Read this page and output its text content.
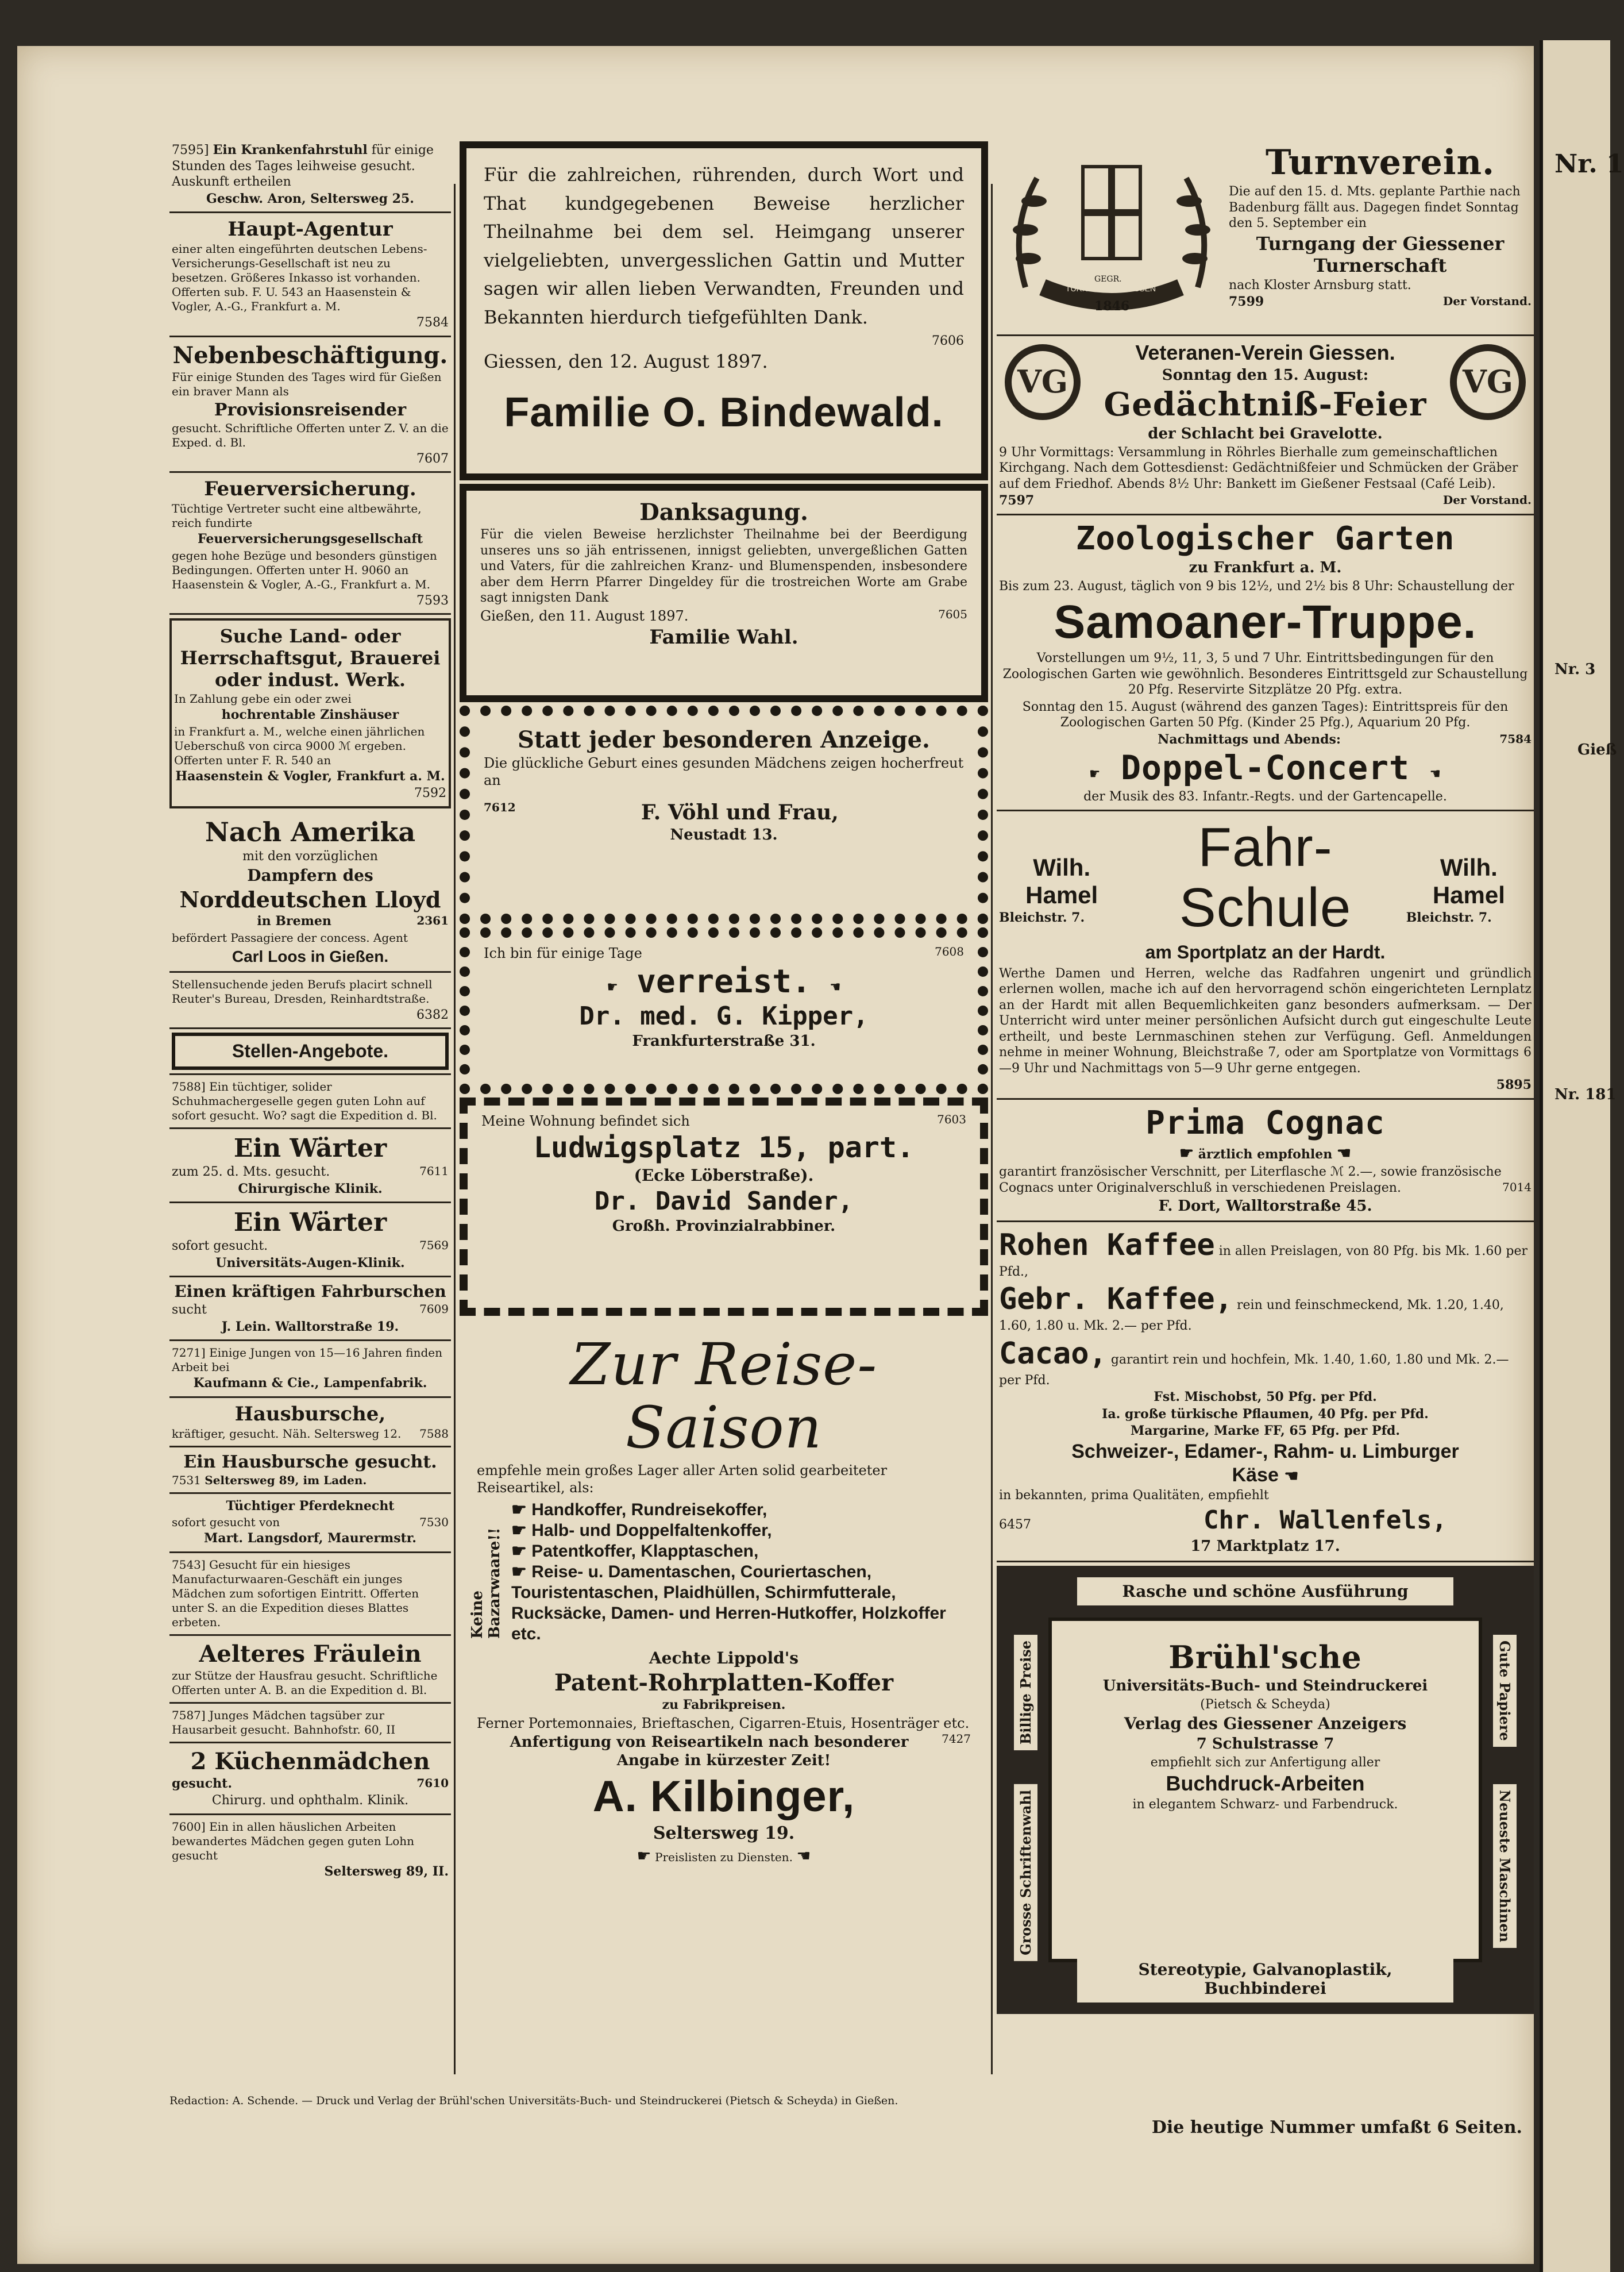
7595] Ein Krankenfahrstuhl für einige Stunden des Tages leihweise gesucht. Auskunft ertheilen

Geschw. Aron, Seltersweg 25.

Haupt-Agentur

einer alten eingeführten deutschen Lebens-Versicherungs-Gesellschaft ist neu zu besetzen. Größeres Inkasso ist vorhanden. Offerten sub. F. U. 543 an Haasenstein & Vogler, A.-G., Frankfurt a. M.

7584

Nebenbeschäftigung.

Für einige Stunden des Tages wird für Gießen ein braver Mann als

Provisionsreisender

gesucht. Schriftliche Offerten unter Z. V. an die Exped. d. Bl.

7607

Feuerversicherung.

Tüchtige Vertreter sucht eine altbewährte, reich fundirte

Feuerversicherungsgesellschaft

gegen hohe Bezüge und besonders günstigen Bedingungen. Offerten unter H. 9060 an Haasenstein & Vogler, A.-G., Frankfurt a. M.

7593

Suche Land- oder Herrschaftsgut, Brauerei oder indust. Werk.

In Zahlung gebe ein oder zwei

hochrentable Zinshäuser

in Frankfurt a. M., welche einen jährlichen Ueberschuß von circa 9000 ℳ ergeben. Offerten unter F. R. 540 an

Haasenstein & Vogler, Frankfurt a. M.

7592

Nach Amerika

mit den vorzüglichen

Dampfern des

Norddeutschen Lloyd

in Bremen	2361

befördert Passagiere der concess. Agent

Carl Loos in Gießen.

Stellensuchende jeden Berufs placirt schnell Reuter's Bureau, Dresden, Reinhardtstraße.

6382

Stellen-Angebote.

7588] Ein tüchtiger, solider Schuhmachergeselle gegen guten Lohn auf sofort gesucht. Wo? sagt die Expedition d. Bl.

Ein Wärter

zum 25. d. Mts. gesucht.	7611

Chirurgische Klinik.

Ein Wärter

sofort gesucht.	7569

Universitäts-Augen-Klinik.

Einen kräftigen Fahrburschen

sucht	7609

J. Lein. Walltorstraße 19.

7271] Einige Jungen von 15—16 Jahren finden Arbeit bei

Kaufmann & Cie., Lampenfabrik.

Hausbursche,

kräftiger, gesucht. Näh. Seltersweg 12. 7588

Ein Hausbursche gesucht.

7531 Seltersweg 89, im Laden.

Tüchtiger Pferdeknecht

sofort gesucht von	7530

Mart. Langsdorf, Maurermstr.

7543] Gesucht für ein hiesiges Manufacturwaaren-Geschäft ein junges Mädchen zum sofortigen Eintritt. Offerten unter S. an die Expedition dieses Blattes erbeten.

Aelteres Fräulein

zur Stütze der Hausfrau gesucht. Schriftliche Offerten unter A. B. an die Expedition d. Bl.

7587] Junges Mädchen tagsüber zur Hausarbeit gesucht. Bahnhofstr. 60, II

2 Küchenmädchen

gesucht.	7610

Chirurg. und ophthalm. Klinik.

7600] Ein in allen häuslichen Arbeiten bewandertes Mädchen gegen guten Lohn gesucht

Seltersweg 89, II.

Für die zahlreichen, rührenden, durch Wort und That kundgegebenen Beweise herzlicher Theilnahme bei dem sel. Heimgang unserer vielgeliebten, unvergesslichen Gattin und Mutter sagen wir allen lieben Verwandten, Freunden und Bekannten hierdurch tiefgefühlten Dank.

7606

Giessen, den 12. August 1897.

Familie O. Bindewald.

Danksagung.

Für die vielen Beweise herzlichster Theilnahme bei der Beerdigung unseres uns so jäh entrissenen, innigst geliebten, unvergeßlichen Gatten und Vaters, für die zahlreichen Kranz- und Blumenspenden, insbesondere aber dem Herrn Pfarrer Dingeldey für die trostreichen Worte am Grabe sagt innigsten Dank

Gießen, den 11. August 1897.	7605

Familie Wahl.

Statt jeder besonderen Anzeige.

Die glückliche Geburt eines gesunden Mädchens zeigen hocherfreut an

7612	F. Vöhl und Frau,

Neustadt 13.

Ich bin für einige Tage	7608

☛ verreist. ☚

Dr. med. G. Kipper,

Frankfurterstraße 31.

Meine Wohnung befindet sich	7603

Ludwigsplatz 15, part.

(Ecke Löberstraße).

Dr. David Sander,

Großh. Provinzialrabbiner.

Zur Reise-Saison

empfehle mein großes Lager aller Arten solid gearbeiteter Reiseartikel, als:

Keine Bazarwaare!!
☛ Handkoffer, Rundreisekoffer,
☛ Halb- und Doppelfaltenkoffer,
☛ Patentkoffer, Klapptaschen,
☛ Reise- u. Damentaschen, Couriertaschen, Touristentaschen, Plaidhüllen, Schirmfutterale, Rucksäcke, Damen- und Herren-Hutkoffer, Holzkoffer etc.

Aechte Lippold's

Patent-Rohrplatten-Koffer

zu Fabrikpreisen.

Ferner Portemonnaies, Brieftaschen, Cigarren-Etuis, Hosenträger etc.
7427

Anfertigung von Reiseartikeln nach besonderer Angabe in kürzester Zeit!

A. Kilbinger,

Seltersweg 19.

☛ Preislisten zu Diensten. ☚

TURNVEREIN GIESSEN
GEGR.
1846

Turnverein.

Die auf den 15. d. Mts. geplante Parthie nach Badenburg fällt aus. Dagegen findet Sonntag den 5. September ein

Turngang der Giessener Turnerschaft

nach Kloster Arnsburg statt.

7599	Der Vorstand.

VG	VG

Veteranen-Verein Giessen.

Sonntag den 15. August:

Gedächtniß-Feier

der Schlacht bei Gravelotte.

9 Uhr Vormittags: Versammlung in Röhrles Bierhalle zum gemeinschaftlichen Kirchgang. Nach dem Gottesdienst: Gedächtnißfeier und Schmücken der Gräber auf dem Friedhof. Abends 8½ Uhr: Bankett im Gießener Festsaal (Café Leib).

7597	Der Vorstand.

Zoologischer Garten

zu Frankfurt a. M.

Bis zum 23. August, täglich von 9 bis 12½, und 2½ bis 8 Uhr: Schaustellung der

Samoaner-Truppe.

Vorstellungen um 9½, 11, 3, 5 und 7 Uhr. Eintrittsbedingungen für den Zoologischen Garten wie gewöhnlich. Besonderes Eintrittsgeld zur Schaustellung 20 Pfg. Reservirte Sitzplätze 20 Pfg. extra.

Sonntag den 15. August (während des ganzen Tages): Eintrittspreis für den Zoologischen Garten 50 Pfg. (Kinder 25 Pfg.), Aquarium 20 Pfg.

Nachmittags und Abends:	7584

☛ Doppel-Concert ☚

der Musik des 83. Infantr.-Regts. und der Gartencapelle.

Wilh. Hamel

Bleichstr. 7.

Fahr-Schule

am Sportplatz an der Hardt.

Wilh. Hamel

Bleichstr. 7.

Werthe Damen und Herren, welche das Radfahren ungenirt und gründlich erlernen wollen, mache ich auf den hervorragend schön eingerichteten Lernplatz an der Hardt mit allen Bequemlichkeiten ganz besonders aufmerksam. — Der Unterricht wird unter meiner persönlichen Aufsicht durch gut eingeschulte Leute ertheilt, und beste Lernmaschinen stehen zur Verfügung. Gefl. Anmeldungen nehme in meiner Wohnung, Bleichstraße 7, oder am Sportplatze von Vormittags 6—9 Uhr und Nachmittags von 5—9 Uhr gerne entgegen.

5895

Prima Cognac

☛ ärztlich empfohlen ☚

garantirt französischer Verschnitt, per Literflasche ℳ 2.—, sowie französische Cognacs unter Originalverschluß in verschiedenen Preislagen.	7014

F. Dort, Walltorstraße 45.

Rohen Kaffee in allen Preislagen, von 80 Pfg. bis Mk. 1.60 per Pfd.,

Gebr. Kaffee, rein und feinschmeckend, Mk. 1.20, 1.40, 1.60, 1.80 u. Mk. 2.— per Pfd.

Cacao, garantirt rein und hochfein, Mk. 1.40, 1.60, 1.80 und Mk. 2.— per Pfd.

Fst. Mischobst, 50 Pfg. per Pfd.

Ia. große türkische Pflaumen, 40 Pfg. per Pfd.

Margarine, Marke FF, 65 Pfg. per Pfd.

Schweizer-, Edamer-, Rahm- u. Limburger

Käse ☚

in bekannten, prima Qualitäten, empfiehlt

6457	Chr. Wallenfels,

17 Marktplatz 17.

Rasche und schöne Ausführung
Billige Preise
Grosse Schriftenwahl
Gute Papiere
Neueste Maschinen

Brühl'sche

Universitäts-Buch- und Steindruckerei

(Pietsch & Scheyda)

Verlag des Giessener Anzeigers

7 Schulstrasse 7

empfiehlt sich zur Anfertigung aller

Buchdruck-Arbeiten

in elegantem Schwarz- und Farbendruck.

Stereotypie, Galvanoplastik, Buchbinderei
Redaction: A. Schende. — Druck und Verlag der Brühl'schen Universitäts-Buch- und Steindruckerei (Pietsch & Scheyda) in Gießen.
Die heutige Nummer umfaßt 6 Seiten.
Nr. 1
Nr. 3
Nr. 181
Gieß
